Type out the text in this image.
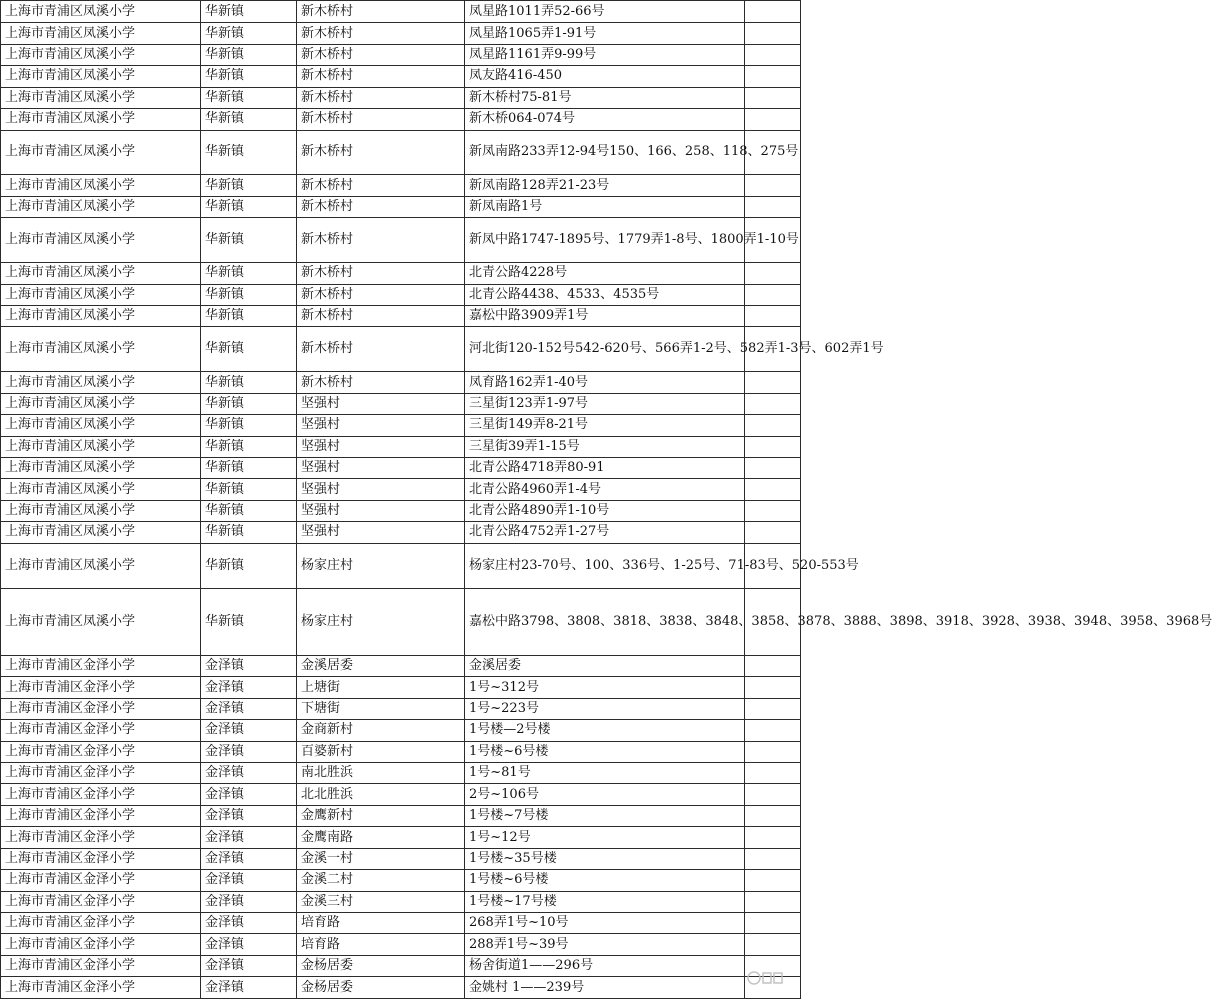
上海市青浦区凤溪小学	华新镇	新木桥村	凤星路1011弄52-66号	
上海市青浦区凤溪小学	华新镇	新木桥村	凤星路1065弄1-91号	
上海市青浦区凤溪小学	华新镇	新木桥村	凤星路1161弄9-99号	
上海市青浦区凤溪小学	华新镇	新木桥村	凤友路416-450	
上海市青浦区凤溪小学	华新镇	新木桥村	新木桥村75-81号	
上海市青浦区凤溪小学	华新镇	新木桥村	新木桥064-074号	
上海市青浦区凤溪小学	华新镇	新木桥村	新凤南路233弄12-94号150、166、258、118、275号	
上海市青浦区凤溪小学	华新镇	新木桥村	新凤南路128弄21-23号	
上海市青浦区凤溪小学	华新镇	新木桥村	新凤南路1号	
上海市青浦区凤溪小学	华新镇	新木桥村	新凤中路1747-1895号、1779弄1-8号、1800弄1-10号	
上海市青浦区凤溪小学	华新镇	新木桥村	北青公路4228号	
上海市青浦区凤溪小学	华新镇	新木桥村	北青公路4438、4533、4535号	
上海市青浦区凤溪小学	华新镇	新木桥村	嘉松中路3909弄1号	
上海市青浦区凤溪小学	华新镇	新木桥村	河北街120-152号542-620号、566弄1-2号、582弄1-3号、602弄1号	
上海市青浦区凤溪小学	华新镇	新木桥村	凤育路162弄1-40号	
上海市青浦区凤溪小学	华新镇	坚强村	三星街123弄1-97号	
上海市青浦区凤溪小学	华新镇	坚强村	三星街149弄8-21号	
上海市青浦区凤溪小学	华新镇	坚强村	三星街39弄1-15号	
上海市青浦区凤溪小学	华新镇	坚强村	北青公路4718弄80-91	
上海市青浦区凤溪小学	华新镇	坚强村	北青公路4960弄1-4号	
上海市青浦区凤溪小学	华新镇	坚强村	北青公路4890弄1-10号	
上海市青浦区凤溪小学	华新镇	坚强村	北青公路4752弄1-27号	
上海市青浦区凤溪小学	华新镇	杨家庄村	杨家庄村23-70号、100、336号、1-25号、71-83号、520-553号	
上海市青浦区凤溪小学	华新镇	杨家庄村	嘉松中路3798、3808、3818、3838、3848、3858、3878、3888、3898、3918、3928、3938、3948、3958、3968号	
上海市青浦区金泽小学	金泽镇	金溪居委	金溪居委	
上海市青浦区金泽小学	金泽镇	上塘街	1号~312号	
上海市青浦区金泽小学	金泽镇	下塘街	1号~223号	
上海市青浦区金泽小学	金泽镇	金商新村	1号楼—2号楼	
上海市青浦区金泽小学	金泽镇	百婆新村	1号楼~6号楼	
上海市青浦区金泽小学	金泽镇	南北胜浜	1号~81号	
上海市青浦区金泽小学	金泽镇	北北胜浜	2号~106号	
上海市青浦区金泽小学	金泽镇	金鹰新村	1号楼~7号楼	
上海市青浦区金泽小学	金泽镇	金鹰南路	1号~12号	
上海市青浦区金泽小学	金泽镇	金溪一村	1号楼~35号楼	
上海市青浦区金泽小学	金泽镇	金溪二村	1号楼~6号楼	
上海市青浦区金泽小学	金泽镇	金溪三村	1号楼~17号楼	
上海市青浦区金泽小学	金泽镇	培育路	268弄1号~10号	
上海市青浦区金泽小学	金泽镇	培育路	288弄1号~39号	
上海市青浦区金泽小学	金泽镇	金杨居委	杨舍街道1——296号	
上海市青浦区金泽小学	金泽镇	金杨居委	金姚村 1——239号	
